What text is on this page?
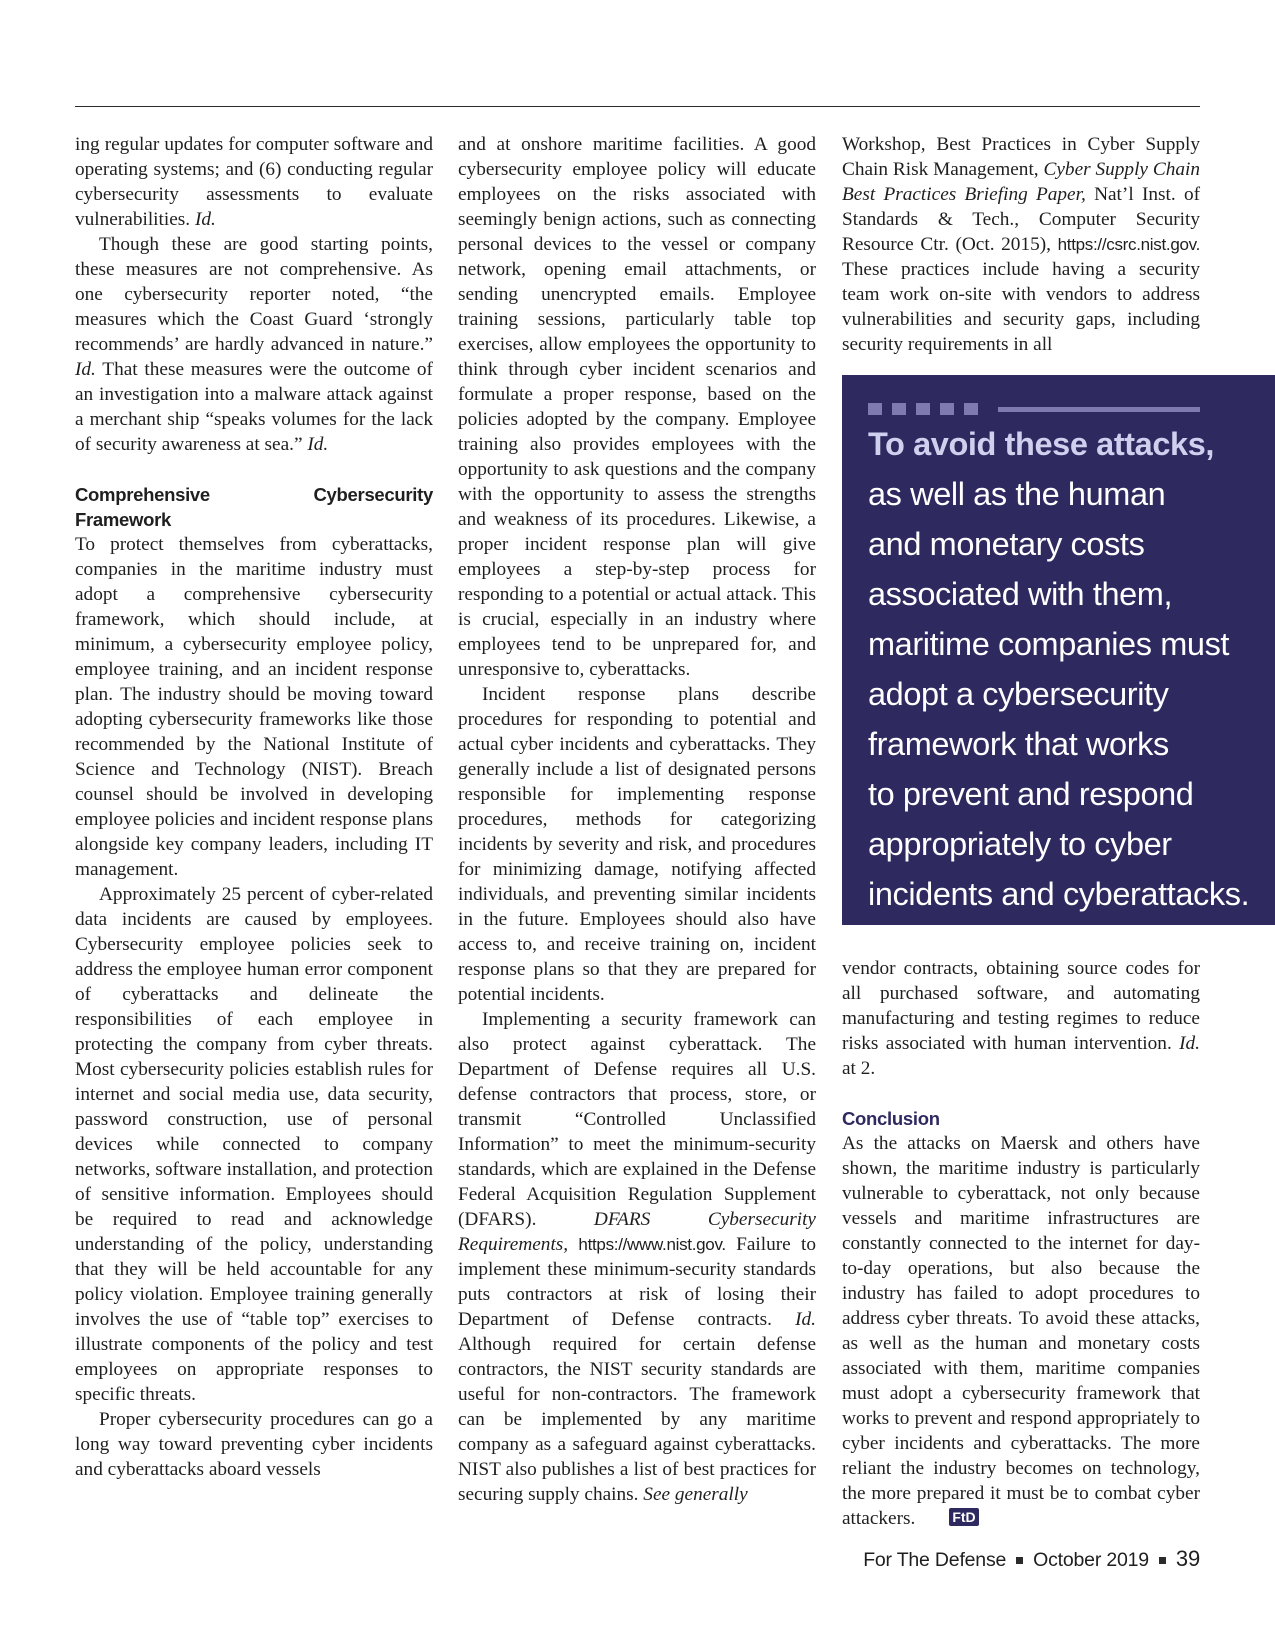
ing regular updates for computer software and operating systems; and (6) conducting regular cybersecurity assessments to evaluate vulnerabilities. Id.

Though these are good starting points, these measures are not comprehensive. As one cybersecurity reporter noted, “the measures which the Coast Guard ‘strongly recommends’ are hardly advanced in nature.” Id. That these measures were the outcome of an investigation into a malware attack against a merchant ship “speaks volumes for the lack of security awareness at sea.” Id.

Comprehensive Cybersecurity Framework

To protect themselves from cyberattacks, companies in the maritime industry must adopt a comprehensive cybersecurity framework, which should include, at minimum, a cybersecurity employee policy, employee training, and an incident response plan. The industry should be moving toward adopting cybersecurity frameworks like those recommended by the National Institute of Science and Technology (NIST). Breach counsel should be involved in developing employee policies and incident response plans alongside key company leaders, including IT management.

Approximately 25 percent of cyber-related data incidents are caused by employees. Cybersecurity employee policies seek to address the employee human error component of cyberattacks and delineate the responsibilities of each employee in protecting the company from cyber threats. Most cybersecurity policies establish rules for internet and social media use, data security, password construction, use of personal devices while connected to company networks, software installation, and protection of sensitive information. Employees should be required to read and acknowledge understanding of the policy, understanding that they will be held accountable for any policy violation. Employee training generally involves the use of “table top” exercises to illustrate components of the policy and test employees on appropriate responses to specific threats.

Proper cybersecurity procedures can go a long way toward preventing cyber incidents and cyberattacks aboard vessels

and at onshore maritime facilities. A good cybersecurity employee policy will educate employees on the risks associated with seemingly benign actions, such as connecting personal devices to the vessel or company network, opening email attachments, or sending unencrypted emails. Employee training sessions, particularly table top exercises, allow employees the opportunity to think through cyber incident scenarios and formulate a proper response, based on the policies adopted by the company. Employee training also provides employees with the opportunity to ask questions and the company with the opportunity to assess the strengths and weakness of its procedures. Likewise, a proper incident response plan will give employees a step-by-step process for responding to a potential or actual attack. This is crucial, especially in an industry where employees tend to be unprepared for, and unresponsive to, cyberattacks.

Incident response plans describe procedures for responding to potential and actual cyber incidents and cyberattacks. They generally include a list of designated persons responsible for implementing response procedures, methods for categorizing incidents by severity and risk, and procedures for minimizing damage, notifying affected individuals, and preventing similar incidents in the future. Employees should also have access to, and receive training on, incident response plans so that they are prepared for potential incidents.

Implementing a security framework can also protect against cyberattack. The Department of Defense requires all U.S. defense contractors that process, store, or transmit “Controlled Unclassified Information” to meet the minimum-security standards, which are explained in the Defense Federal Acquisition Regulation Supplement (DFARS).	DFARS Cybersecurity Requirements, https://www.nist.gov. Failure to implement these minimum-security standards puts contractors at risk of losing their Department of Defense contracts. Id. Although required for certain defense contractors, the NIST security standards are useful for non-contractors. The framework can be implemented by any maritime company as a safeguard against cyberattacks. NIST also publishes a list of best practices for securing supply chains. See generally

Workshop, Best Practices in Cyber Supply Chain Risk Management, Cyber Supply Chain Best Practices Briefing Paper, Nat’l Inst. of Standards & Tech., Computer Security Resource Ctr. (Oct. 2015), https://csrc.nist.gov. These practices include having a security team work on-site with vendors to address vulnerabilities and security gaps, including security requirements in all

To avoid these attacks,
as well as the human
and monetary costs
associated with them,
maritime companies must
adopt a cybersecurity
framework that works
to prevent and respond
appropriately to cyber
incidents and cyberattacks.

vendor contracts, obtaining source codes for all purchased software, and automating manufacturing and testing regimes to reduce risks associated with human intervention. Id. at 2.

Conclusion

As the attacks on Maersk and others have shown, the maritime industry is particularly vulnerable to cyberattack, not only because vessels and maritime infrastructures are constantly connected to the internet for day-to-day operations, but also because the industry has failed to adopt procedures to address cyber threats. To avoid these attacks, as well as the human and monetary costs associated with them, maritime companies must adopt a cybersecurity framework that works to prevent and respond appropriately to cyber incidents and cyberattacks. The more reliant the industry becomes on technology, the more prepared it must be to combat cyber attackers.	FtD

For The Defense October 2019 39
